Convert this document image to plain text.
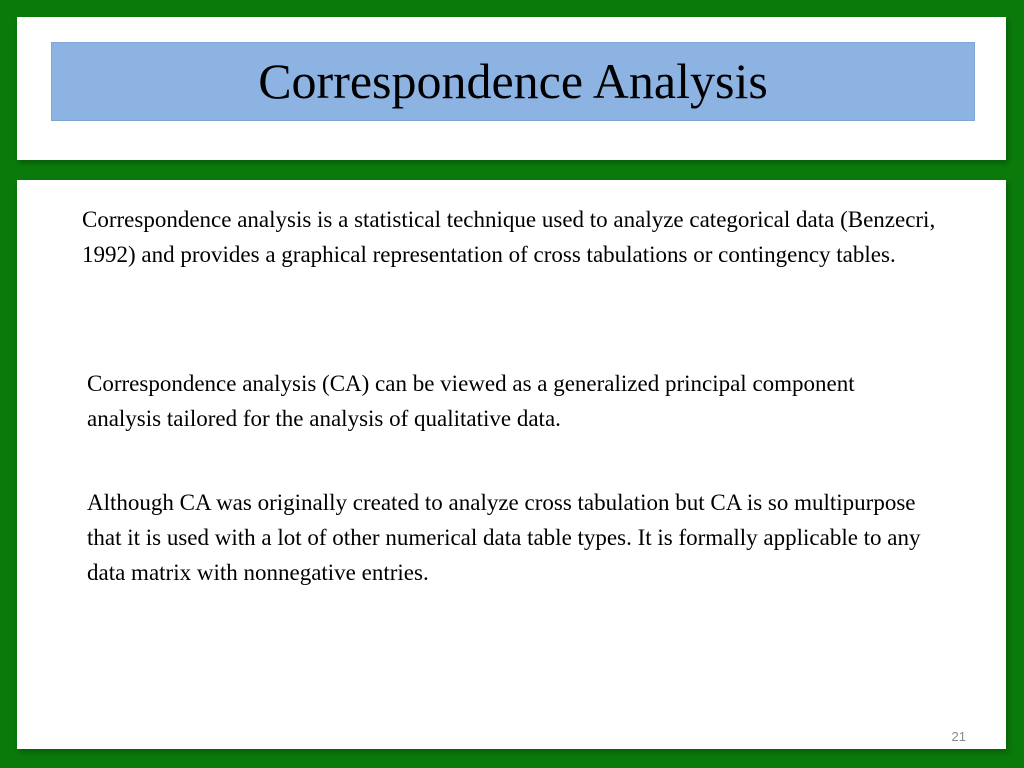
Correspondence Analysis

Correspondence analysis is a statistical technique used to analyze categorical data (Benzecri, 1992) and provides a graphical representation of cross tabulations or contingency tables.

Correspondence analysis (CA) can be viewed as a generalized principal component analysis tailored for the analysis of qualitative data.

Although CA was originally created to analyze cross tabulation but CA is so multipurpose that it is used with a lot of other numerical data table types. It is formally applicable to any data matrix with nonnegative entries.

21
